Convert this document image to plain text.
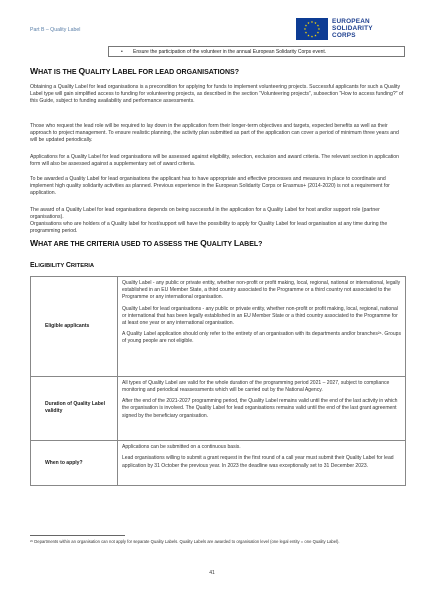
Part B – Quality Label
★ ★
★
★
★
★
★
★
★
★
★
★	EUROPEAN
SOLIDARITY
CORPS
• Ensure the participation of the volunteer in the annual European Solidarity Corps event.
WHAT IS THE QUALITY LABEL FOR LEAD ORGANISATIONS?

Obtaining a Quality Label for lead organisations is a precondition for applying for funds to implement volunteering projects. Successful applicants for such a Quality Label type will gain simplified access to funding for volunteering projects, as described in the section “Volunteering projects”, subsection “How to access funding?” of this Guide, subject to funding availability and performance assessments.

Those who request the lead role will be required to lay down in the application form their longer-term objectives and targets, expected benefits as well as their approach to project management. To ensure realistic planning, the activity plan submitted as part of the application can cover a period of minimum three years and will be updated periodically.

Applications for a Quality Label for lead organisations will be assessed against eligibility, selection, exclusion and award criteria. The relevant section in application form will also be assessed against a supplementary set of award criteria.

To be awarded a Quality Label for lead organisations the applicant has to have appropriate and effective processes and measures in place to coordinate and implement high quality solidarity activities as planned. Previous experience in the European Solidarity Corps or Erasmus+ (2014-2020) is not a requirement for application.

The award of a Quality Label for lead organisations depends on being successful in the application for a Quality Label for host and/or support role (partner organisations).

Organisations who are holders of a Quality label for host/support will have the possibility to apply for Quality Label for lead organisation at any time during the programming period.

WHAT ARE THE CRITERIA USED TO ASSESS THE QUALITY LABEL?
ELIGIBILITY CRITERIA
Eligible applicants	Quality Label - any public or private entity, whether non-profit or profit making, local, regional, national or international, legally established in an EU Member State, a third country associated to the Programme or a third country not associated to the Programme or any international organisation.

Quality Label for lead organisations - any public or private entity, whether non-profit or profit making, local, regional, national or international that has been legally established in an EU Member State or a third country associated to the Programme for at least one year or any international organisation.

A Quality Label application should only refer to the entirety of an organisation with its departments and/or branches²⁶. Groups of young people are not eligible.

Duration of Quality Label validity	All types of Quality Label are valid for the whole duration of the programming period 2021 – 2027, subject to compliance monitoring and periodical reassessments which will be carried out by the National Agency.

After the end of the 2021-2027 programming period, the Quality Label remains valid until the end of the last activity in which the organisation is involved. The Quality Label for lead organisations remains valid until the end of the last grant agreement signed by the beneficiary organisation.

When to apply?	Applications can be submitted on a continuous basis.

Lead organisations willing to submit a grant request in the first round of a call year must submit their Quality Label for lead application by 31 October the previous year. In 2023 the deadline was exceptionally set to 31 December 2023.

²⁶ Departments within an organisation can not apply for separate Quality Labels. Quality Labels are awarded to organisation level (one legal entity = one Quality Label).
41
